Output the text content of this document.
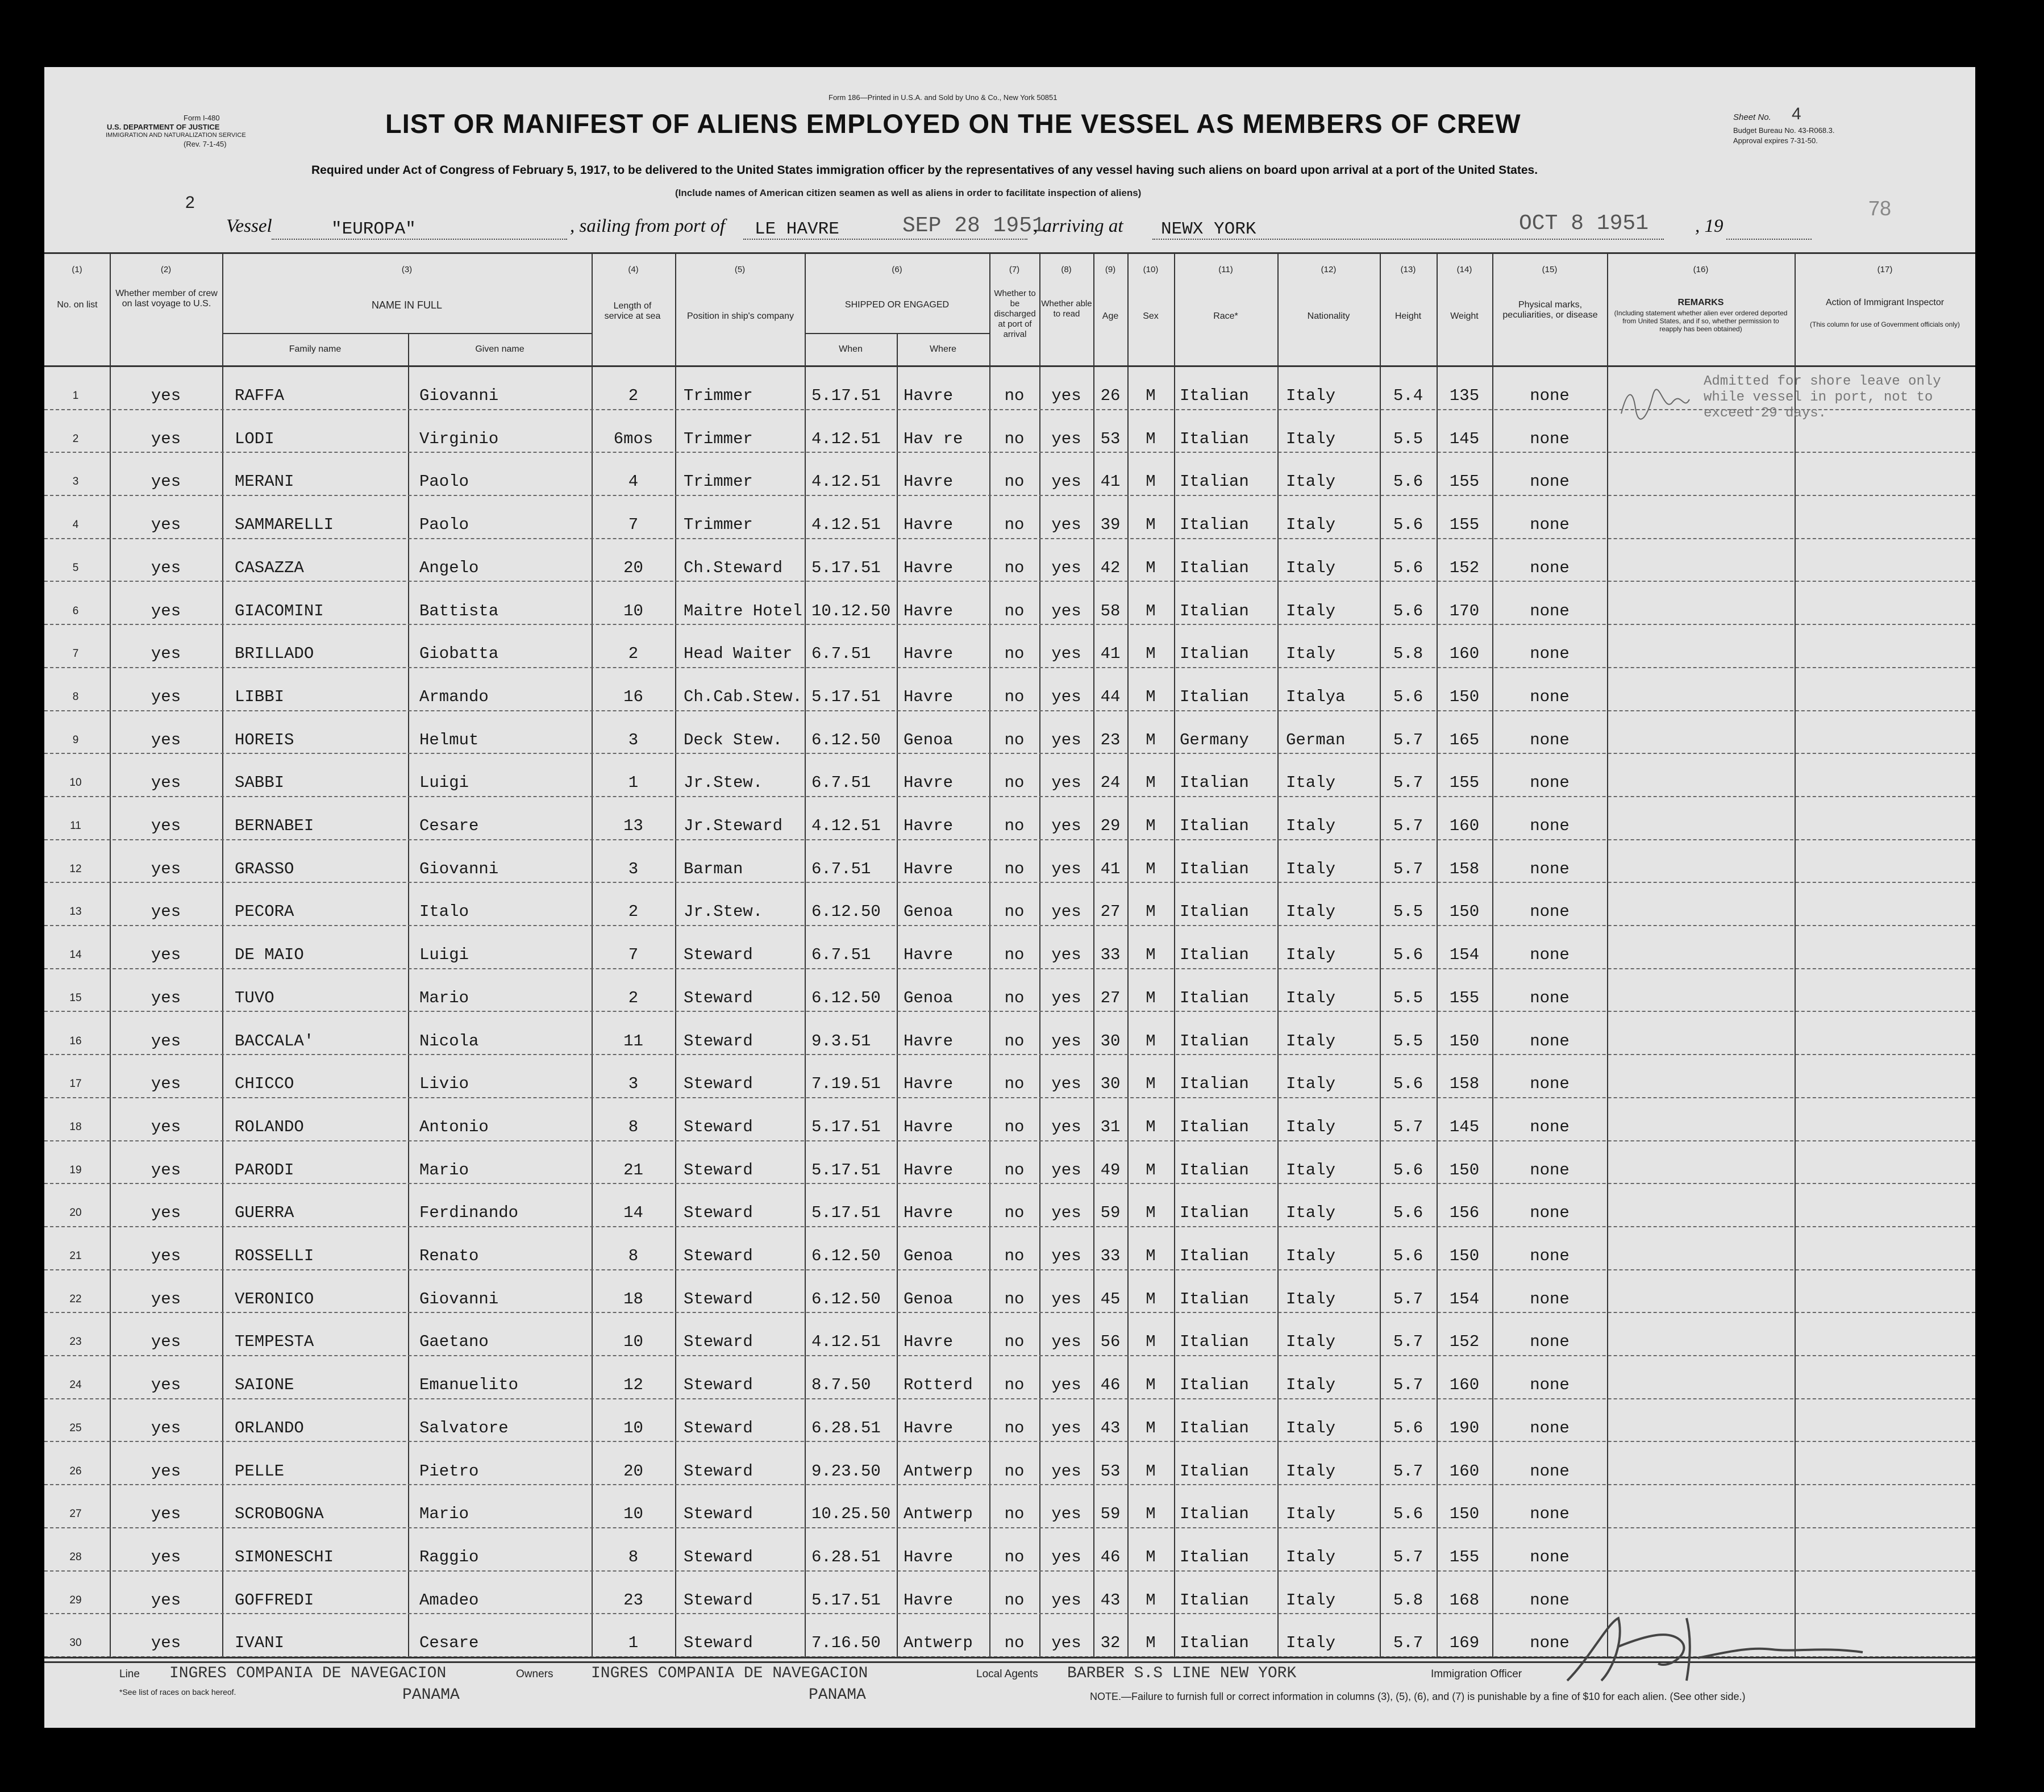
Form 186—Printed in U.S.A. and Sold by Uno & Co., New York 50851
Form I-480
U.S. DEPARTMENT OF JUSTICE
IMMIGRATION AND NATURALIZATION SERVICE
(Rev. 7-1-45)
2
LIST OR MANIFEST OF ALIENS EMPLOYED ON THE VESSEL AS MEMBERS OF CREW	Sheet No. 4
Budget Bureau No. 43-R068.3.
Approval expires 7-31-50.
Required under Act of Congress of February 5, 1917, to be delivered to the United States immigration officer by the representatives of any vessel having such aliens on board upon arrival at a port of the United States.
(Include names of American citizen seamen as well as aliens in order to facilitate inspection of aliens)
78
Vessel	"EUROPA"	, sailing from port of LE HAVRE	SEP 28 1951
, arriving at NEWX YORK	OCT 8 1951 , 19
(1)	(2)	(3)	(4)	(5)	(6)	(7)	(8)	(9)	(10)	(11)	(12)	(13)	(14)	(15)	(16)	(17)
No. on list
Whether member of crew on last voyage to U.S.	NAME IN FULL
Family name	Given name
Length of service at sea	Position in ship's company
SHIPPED OR ENGAGED
When	Where
Whether to be discharged at port of arrival
Whether able to read	Age	Sex	Race*	Nationality	Height	Weight
Physical marks, peculiarities, or disease
REMARKS
(Including statement whether alien ever ordered deported from United States, and if so, whether permission to reapply has been obtained)
Action of Immigrant Inspector
(This column for use of Government officials only)
1	yes	RAFFA	Giovanni	2	Trimmer	5.17.51 Havre	no	yes	26	M	Italian Italy	5.4	135	none
2	yes	LODI	Virginio	6mos	Trimmer	4.12.51 Hav re	no	yes	53	M	Italian Italy	5.5	145	none
3	yes	MERANI	Paolo	4	Trimmer	4.12.51 Havre	no	yes	41	M	Italian Italy	5.6	155	none
4	yes	SAMMARELLI	Paolo	7	Trimmer	4.12.51 Havre	no	yes	39	M	Italian Italy	5.6	155	none
5	yes	CASAZZA	Angelo	20	Ch.Steward 5.17.51 Havre	no	yes	42	M	Italian Italy	5.6	152	none
6	yes	GIACOMINI	Battista	10	Maitre Hotel 10.12.50 Havre	no	yes	58	M	Italian Italy	5.6	170	none
7	yes	BRILLADO	Giobatta	2	Head Waiter 6.7.51 Havre	no	yes	41	M	Italian Italy	5.8	160	none
8	yes	LIBBI	Armando	16	Ch.Cab.Stew. 5.17.51 Havre	no	yes	44	M	Italian Italya	5.6	150	none
9	yes	HOREIS	Helmut	3	Deck Stew. 6.12.50 Genoa	no	yes	23	M	Germany German	5.7	165	none
10	yes	SABBI	Luigi	1	Jr.Stew.	6.7.51 Havre	no	yes	24	M	Italian Italy	5.7	155	none
11	yes	BERNABEI	Cesare	13	Jr.Steward 4.12.51 Havre	no	yes	29	M	Italian Italy	5.7	160	none
12	yes	GRASSO	Giovanni	3	Barman	6.7.51 Havre	no	yes	41	M	Italian Italy	5.7	158	none
13	yes	PECORA	Italo	2	Jr.Stew.	6.12.50 Genoa	no	yes	27	M	Italian Italy	5.5	150	none
14	yes	DE MAIO	Luigi	7	Steward	6.7.51 Havre	no	yes	33	M	Italian Italy	5.6	154	none
15	yes	TUVO	Mario	2	Steward	6.12.50 Genoa	no	yes	27	M	Italian Italy	5.5	155	none
16	yes	BACCALA'	Nicola	11	Steward	9.3.51 Havre	no	yes	30	M	Italian Italy	5.5	150	none
17	yes	CHICCO	Livio	3	Steward	7.19.51 Havre	no	yes	30	M	Italian Italy	5.6	158	none
18	yes	ROLANDO	Antonio	8	Steward	5.17.51 Havre	no	yes	31	M	Italian Italy	5.7	145	none
19	yes	PARODI	Mario	21	Steward	5.17.51 Havre	no	yes	49	M	Italian Italy	5.6	150	none
20	yes	GUERRA	Ferdinando	14	Steward	5.17.51 Havre	no	yes	59	M	Italian Italy	5.6	156	none
21	yes	ROSSELLI	Renato	8	Steward	6.12.50 Genoa	no	yes	33	M	Italian Italy	5.6	150	none
22	yes	VERONICO	Giovanni	18	Steward	6.12.50 Genoa	no	yes	45	M	Italian Italy	5.7	154	none
23	yes	TEMPESTA	Gaetano	10	Steward	4.12.51 Havre	no	yes	56	M	Italian Italy	5.7	152	none
24	yes	SAIONE	Emanuelito	12	Steward	8.7.50 Rotterd	no	yes	46	M	Italian Italy	5.7	160	none
25	yes	ORLANDO	Salvatore	10	Steward	6.28.51 Havre	no	yes	43	M	Italian Italy	5.6	190	none
26	yes	PELLE	Pietro	20	Steward	9.23.50 Antwerp	no	yes	53	M	Italian Italy	5.7	160	none
27	yes	SCROBOGNA	Mario	10	Steward	10.25.50 Antwerp	no	yes	59	M	Italian Italy	5.6	150	none
28	yes	SIMONESCHI	Raggio	8	Steward	6.28.51 Havre	no	yes	46	M	Italian Italy	5.7	155	none
29	yes	GOFFREDI	Amadeo	23	Steward	5.17.51 Havre	no	yes	43	M	Italian Italy	5.8	168	none
30	yes	IVANI	Cesare	1	Steward	7.16.50 Antwerp	no	yes	32	M	Italian Italy	5.7	169	none
Admitted for shore leave only while vessel in port, not to exceed 29 days.
Line INGRES COMPANIA DE NAVEGACION
PANAMA
*See list of races on back hereof.
Owners INGRES COMPANIA DE NAVEGACION
PANAMA
Local Agents BARBER S.S LINE NEW YORK	Immigration Officer
NOTE.—Failure to furnish full or correct information in columns (3), (5), (6), and (7) is punishable by a fine of $10 for each alien. (See other side.)
